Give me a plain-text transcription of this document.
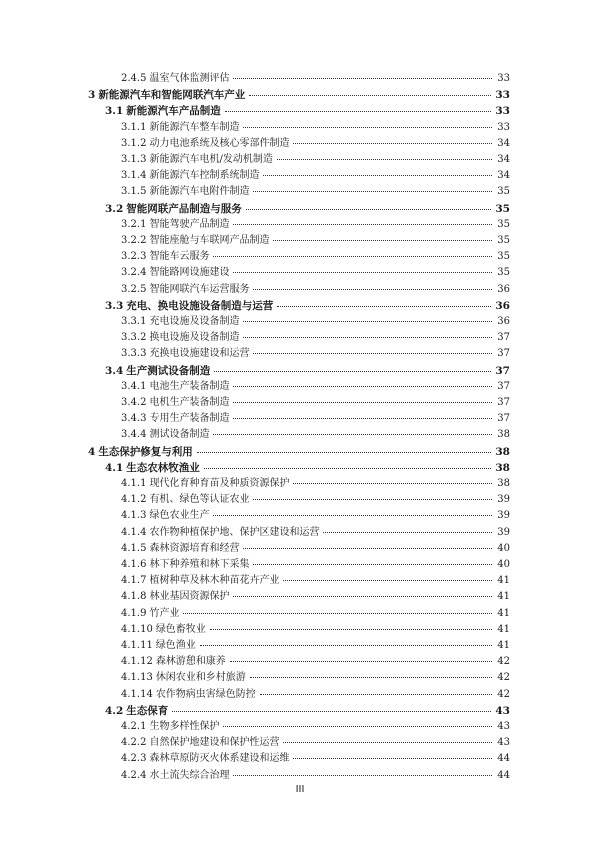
2.4.5 温室气体监测评估	33
3 新能源汽车和智能网联汽车产业	33
3.1 新能源汽车产品制造	33
3.1.1 新能源汽车整车制造	33
3.1.2 动力电池系统及核心零部件制造	34
3.1.3 新能源汽车电机/发动机制造	34
3.1.4 新能源汽车控制系统制造	34
3.1.5 新能源汽车电附件制造	35
3.2 智能网联产品制造与服务	35
3.2.1 智能驾驶产品制造	35
3.2.2 智能座舱与车联网产品制造	35
3.2.3 智能车云服务	35
3.2.4 智能路网设施建设	35
3.2.5 智能网联汽车运营服务	36
3.3 充电、换电设施设备制造与运营	36
3.3.1 充电设施及设备制造	36
3.3.2 换电设施及设备制造	37
3.3.3 充换电设施建设和运营	37
3.4 生产测试设备制造	37
3.4.1 电池生产装备制造	37
3.4.2 电机生产装备制造	37
3.4.3 专用生产装备制造	37
3.4.4 测试设备制造	38
4 生态保护修复与利用	38
4.1 生态农林牧渔业	38
4.1.1 现代化育种育苗及种质资源保护	38
4.1.2 有机、绿色等认证农业	39
4.1.3 绿色农业生产	39
4.1.4 农作物种植保护地、保护区建设和运营	39
4.1.5 森林资源培育和经营	40
4.1.6 林下种养殖和林下采集	40
4.1.7 植树种草及林木种苗花卉产业	41
4.1.8 林业基因资源保护	41
4.1.9 竹产业	41
4.1.10 绿色畜牧业	41
4.1.11 绿色渔业	41
4.1.12 森林游憩和康养	42
4.1.13 休闲农业和乡村旅游	42
4.1.14 农作物病虫害绿色防控	42
4.2 生态保育	43
4.2.1 生物多样性保护	43
4.2.2 自然保护地建设和保护性运营	43
4.2.3 森林草原防灭火体系建设和运维	44
4.2.4 水土流失综合治理	44
III
